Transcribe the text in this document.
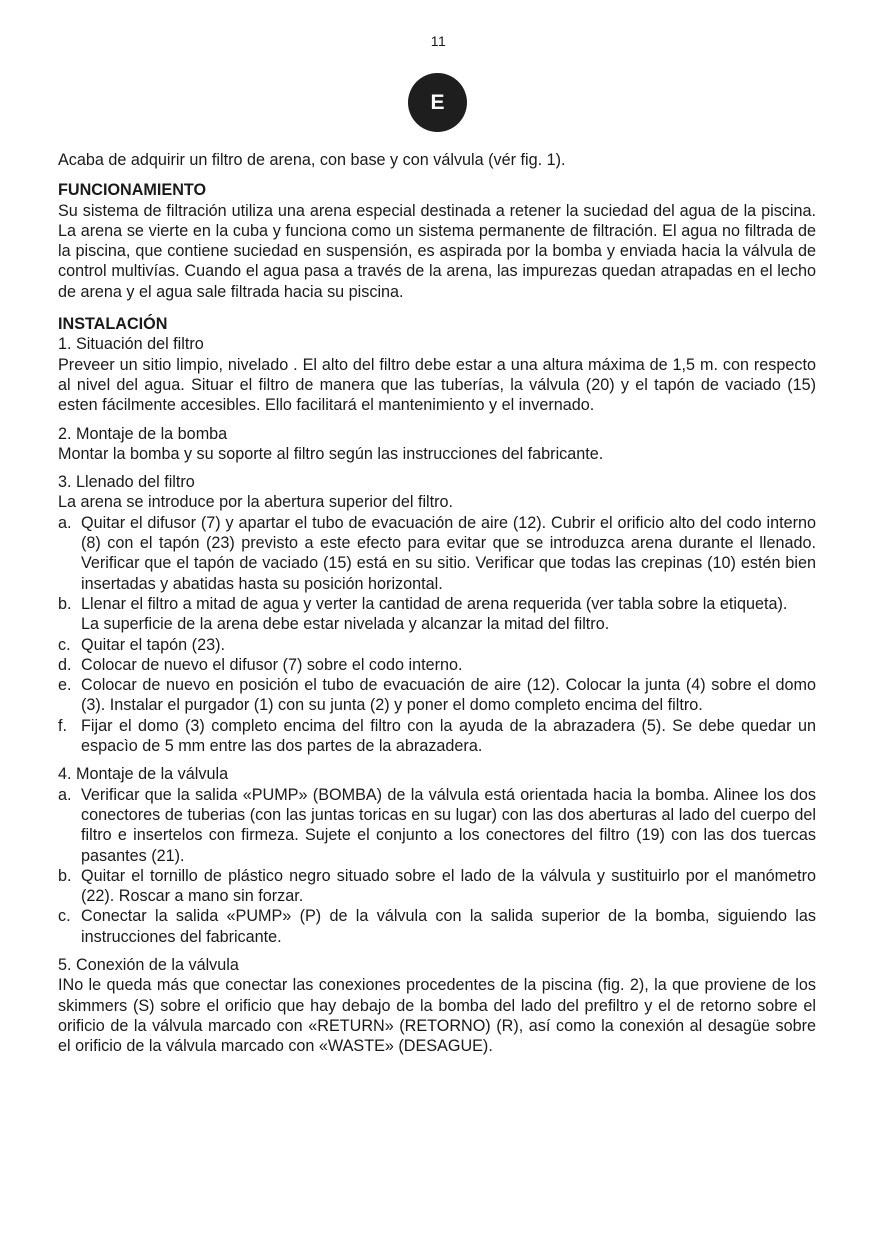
11
E

Acaba de adquirir un filtro de arena, con base y con válvula (vér fig. 1).

FUNCIONAMIENTO

Su sistema de filtración utiliza una arena especial destinada a retener la suciedad del agua de la piscina. La arena se vierte en la cuba y funciona como un sistema permanente de filtración. El agua no filtrada de la piscina, que contiene suciedad en suspensión, es aspirada por la bomba y enviada hacia la válvula de control multivías. Cuando el agua pasa a través de la arena, las impurezas quedan atrapadas en el lecho de arena y el agua sale filtrada hacia su piscina.

INSTALACIÓN

1. Situación del filtro

Preveer un sitio limpio, nivelado . El alto del filtro debe estar a una altura máxima de 1,5 m. con respecto al nivel del agua. Situar el filtro de manera que las tuberías, la válvula (20) y el tapón de vaciado (15) esten fácilmente accesibles. Ello facilitará el mantenimiento y el invernado.

2. Montaje de la bomba

Montar la bomba y su soporte al filtro según las instrucciones del fabricante.

3. Llenado del filtro

La arena se introduce por la abertura superior del filtro.

a. Quitar el difusor (7) y apartar el tubo de evacuación de aire (12). Cubrir el orificio alto del codo interno (8) con el tapón (23) previsto a este efecto para evitar que se introduzca arena durante el llenado. Verificar que el tapón de vaciado (15) está en su sitio. Verificar que todas las crepinas (10) estén bien insertadas y abatidas hasta su posición horizontal.
b. Llenar el filtro a mitad de agua y verter la cantidad de arena requerida (ver tabla sobre la etiqueta).
La superficie de la arena debe estar nivelada y alcanzar la mitad del filtro.
c. Quitar el tapón (23).
d. Colocar de nuevo el difusor (7) sobre el codo interno.
e. Colocar de nuevo en posición el tubo de evacuación de aire (12). Colocar la junta (4) sobre el domo (3). Instalar el purgador (1) con su junta (2) y poner el domo completo encima del filtro.
f. Fijar el domo (3) completo encima del filtro con la ayuda de la abrazadera (5). Se debe quedar un espacìo de 5 mm entre las dos partes de la abrazadera.

4. Montaje de la válvula

a. Verificar que la salida «PUMP» (BOMBA) de la válvula está orientada hacia la bomba. Alinee los dos conectores de tuberias (con las juntas toricas en su lugar) con las dos aberturas al lado del cuerpo del filtro e insertelos con firmeza. Sujete el conjunto a los conectores del filtro (19) con las dos tuercas pasantes (21).
b. Quitar el tornillo de plástico negro situado sobre el lado de la válvula y sustituirlo por el manómetro (22). Roscar a mano sin forzar.
c. Conectar la salida «PUMP» (P) de la válvula con la salida superior de la bomba, siguiendo las instrucciones del fabricante.

5. Conexión de la válvula

INo le queda más que conectar las conexiones procedentes de la piscina (fig. 2), la que proviene de los skimmers (S) sobre el orificio que hay debajo de la bomba del lado del prefiltro y el de retorno sobre el orificio de la válvula marcado con «RETURN» (RETORNO) (R), así como la conexión al desagüe sobre el orificio de la válvula marcado con «WASTE» (DESAGUE).
